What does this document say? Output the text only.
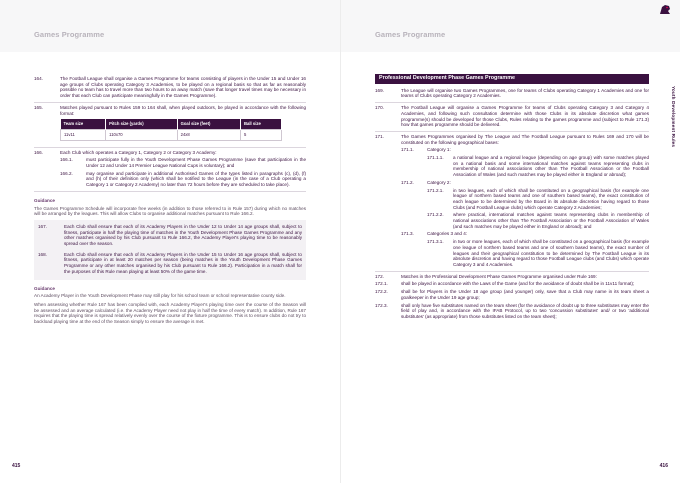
Games Programme
164.	The Football League shall organise a Games Programme for teams consisting of players in the Under 15 and Under 16 age groups of Clubs operating Category 3 Academies, to be played on a regional basis so that as far as reasonably possible no team has to travel more than two hours to an away match (save that longer travel times may be necessary in order that each Club can participate meaningfully in the Games Programme).
165.	Matches played pursuant to Rules 159 to 164 shall, when played outdoors, be played in accordance with the following format:
Team size	Pitch size (yards)	Goal size (feet)	Ball size
11v11	110x70	24x8	5
166.	Each Club which operates a Category 1, Category 2 or Category 3 Academy:
166.1.	must participate fully in the Youth Development Phase Games Programme (save that participation in the Under 12 and Under 14 Premier League National Cups is voluntary); and
166.2.	may organise and participate in additional Authorised Games of the types listed in paragraphs (c), (d), (f) and (h) of their definition only (which shall be notified to the League (in the case of a Club operating a Category 1 or Category 2 Academy) no later than 72 hours before they are scheduled to take place).
Guidance
The Games Programme Schedule will incorporate free weeks (in addition to those referred to in Rule 157) during which no matches will be arranged by the leagues. This will allow Clubs to organise additional matches pursuant to Rule 166.2.
167.	Each Club shall ensure that each of its Academy Players in the Under 12 to Under 14 age groups shall, subject to fitness, participate in half the playing time of matches in the Youth Development Phase Games Programme and any other matches organised by his Club pursuant to Rule 166.2, the Academy Player's playing time to be reasonably spread over the season.
168.	Each Club shall ensure that each of its Academy Players in the Under 15 to Under 16 age groups shall, subject to fitness, participate in at least 20 matches per season (being matches in the Youth Development Phase Games Programme or any other matches organised by his Club pursuant to Rule 166.2). Participation in a match shall for the purposes of this Rule mean playing at least 50% of the game time.
Guidance
An Academy Player in the Youth Development Phase may still play for his school team or school representative county side.
When assessing whether Rule 167 has been complied with, each Academy Player's playing time over the course of the Season will be assessed and an average calculated (i.e. the Academy Player need not play in half the time of every match). In addition, Rule 167 requires that the playing time is spread relatively evenly over the course of the fixture programme. This is to ensure clubs do not try to backload playing time at the end of the Season simply to ensure the average is met.
415
Games Programme
Youth Development Rules
Professional Development Phase Games Programme
169.	The League will organise two Games Programmes, one for teams of Clubs operating Category 1 Academies and one for teams of Clubs operating Category 2 Academies.
170.	The Football League will organise a Games Programme for teams of Clubs operating Category 3 and Category 4 Academies, and following such consultation determine with those Clubs in its absolute discretion what games programme(s) should be developed for those Clubs, Rules relating to the games programme and (subject to Rule 171.3) how that games programme should be delivered.
171.	The Games Programmes organised by The League and The Football League pursuant to Rules 169 and 170 will be constituted on the following geographical bases:
171.1.	Category 1:
171.1.1.	a national league and a regional league (depending on age group) with some matches played on a national basis and some international matches against teams representing clubs in membership of national associations other than The Football Association or the Football Association of Wales (and such matches may be played either in England or abroad);
171.2.	Category 2:
171.2.1.	in two leagues, each of which shall be constituted on a geographical basis (for example one league of northern based teams and one of southern based teams), the exact constitution of each league to be determined by the Board in its absolute discretion having regard to those Clubs (and Football League clubs) which operate Category 2 Academies;
171.2.2.	where practical, international matches against teams representing clubs in membership of national associations other than The Football Association or the Football Association of Wales (and such matches may be played either in England or abroad); and
171.3.	Categories 3 and 4:
171.3.1.	in two or more leagues, each of which shall be constituted on a geographical basis (for example one league of northern based teams and one of southern based teams), the exact number of leagues and their geographical constitution to be determined by The Football League in its absolute discretion and having regard to those Football League clubs (and Clubs) which operate Category 3 and 4 Academies.
172.	Matches in the Professional Development Phase Games Programme organised under Rule 169:
172.1.	shall be played in accordance with the Laws of the Game (and for the avoidance of doubt shall be in 11v11 format);
172.2.	shall be for Players in the Under 18 age group (and younger) only, save that a Club may name in its team sheet a goalkeeper in the Under 19 age group;
172.3.	shall only have five substitutes named on the team sheet (for the avoidance of doubt up to three substitutes may enter the field of play and, in accordance with the IFAB Protocol, up to two 'concussion substitutes' and/ or two 'additional substitutes' (as appropriate) from those substitutes listed on the team sheet);
416
